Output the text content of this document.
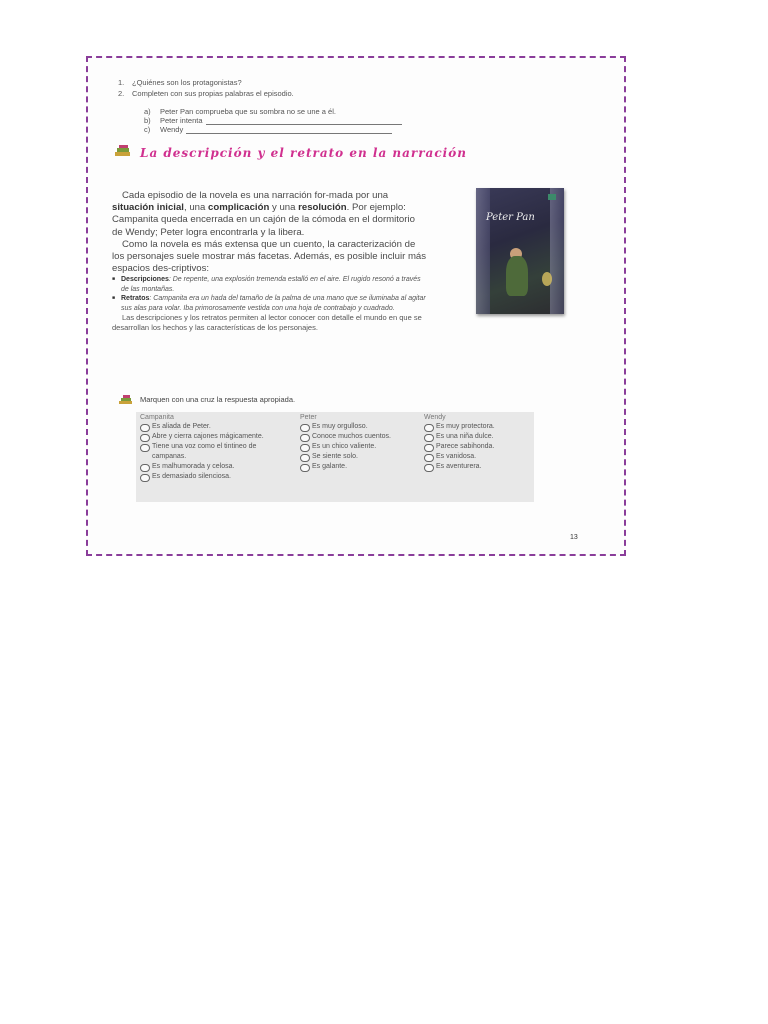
1. ¿Quiénes son los protagonistas?
2. Completen con sus propias palabras el episodio.
a) Peter Pan comprueba que su sombra no se une a él.
b) Peter intenta
c) Wendy
La descripción y el retrato en la narración

Cada episodio de la novela es una narración for-mada por una situación inicial, una complicación y una resolución. Por ejemplo: Campanita queda encerrada en un cajón de la cómoda en el dormitorio de Wendy; Peter logra encontrarla y la libera.

Como la novela es más extensa que un cuento, la caracterización de los personajes suele mostrar más facetas. Además, es posible incluir más espacios des-criptivos:

■ Descripciones: De repente, una explosión tremenda estalló en el aire. El rugido resonó a través de las montañas.
■ Retratos: Campanita era un hada del tamaño de la palma de una mano que se iluminaba al agitar sus alas para volar. Iba primorosamente vestida con una hoja de contrabajo y cuadrado.
Las descripciones y los retratos permiten al lector conocer con detalle el mundo en que se desarrollan los hechos y las características de los personajes.
Peter Pan
Marquen con una cruz la respuesta apropiada.
Campanita
Es aliada de Peter.
Abre y cierra cajones mágicamente.
Tiene una voz como el tintineo de campanas.
Es malhumorada y celosa.
Es demasiado silenciosa.
Peter
Es muy orgulloso.
Conoce muchos cuentos.
Es un chico valiente.
Se siente solo.
Es galante.
Wendy
Es muy protectora.
Es una niña dulce.
Parece sabihonda.
Es vanidosa.
Es aventurera.
13
